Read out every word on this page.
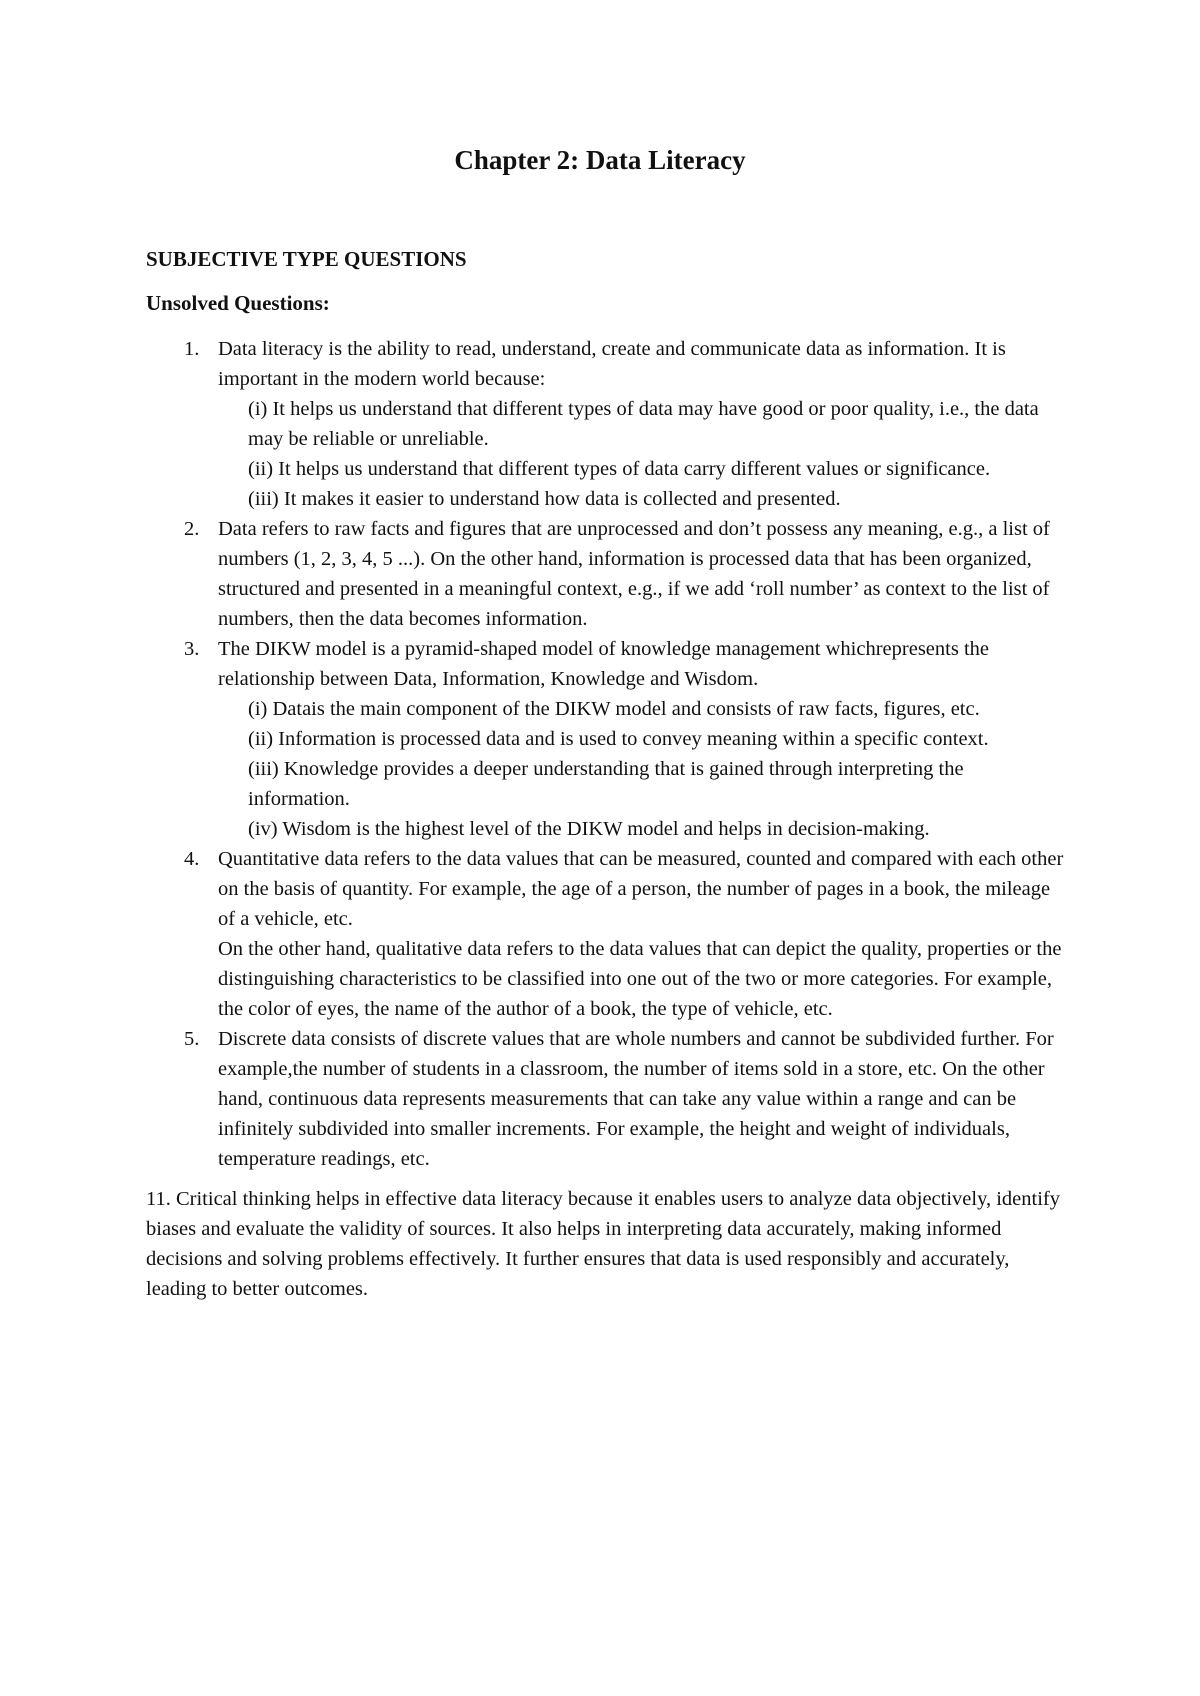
Chapter 2: Data Literacy
SUBJECTIVE TYPE QUESTIONS
Unsolved Questions:
1. Data literacy is the ability to read, understand, create and communicate data as information. It is important in the modern world because:

(i) It helps us understand that different types of data may have good or poor quality, i.e., the data may be reliable or unreliable.

(ii) It helps us understand that different types of data carry different values or significance.

(iii) It makes it easier to understand how data is collected and presented.

2. Data refers to raw facts and figures that are unprocessed and don’t possess any meaning, e.g., a list of numbers (1, 2, 3, 4, 5 ...). On the other hand, information is processed data that has been organized, structured and presented in a meaningful context, e.g., if we add ‘roll number’ as context to the list of numbers, then the data becomes information.

3. The DIKW model is a pyramid-shaped model of knowledge management whichrepresents the relationship between Data, Information, Knowledge and Wisdom.

(i) Datais the main component of the DIKW model and consists of raw facts, figures, etc.

(ii) Information is processed data and is used to convey meaning within a specific context.

(iii) Knowledge provides a deeper understanding that is gained through interpreting the information.

(iv) Wisdom is the highest level of the DIKW model and helps in decision-making.

4. Quantitative data refers to the data values that can be measured, counted and compared with each other on the basis of quantity. For example, the age of a person, the number of pages in a book, the mileage of a vehicle, etc.

On the other hand, qualitative data refers to the data values that can depict the quality, properties or the distinguishing characteristics to be classified into one out of the two or more categories. For example, the color of eyes, the name of the author of a book, the type of vehicle, etc.

5. Discrete data consists of discrete values that are whole numbers and cannot be subdivided further. For example,the number of students in a classroom, the number of items sold in a store, etc. On the other hand, continuous data represents measurements that can take any value within a range and can be infinitely subdivided into smaller increments. For example, the height and weight of individuals, temperature readings, etc.

11. Critical thinking helps in effective data literacy because it enables users to analyze data objectively, identify biases and evaluate the validity of sources. It also helps in interpreting data accurately, making informed decisions and solving problems effectively. It further ensures that data is used responsibly and accurately, leading to better outcomes.
